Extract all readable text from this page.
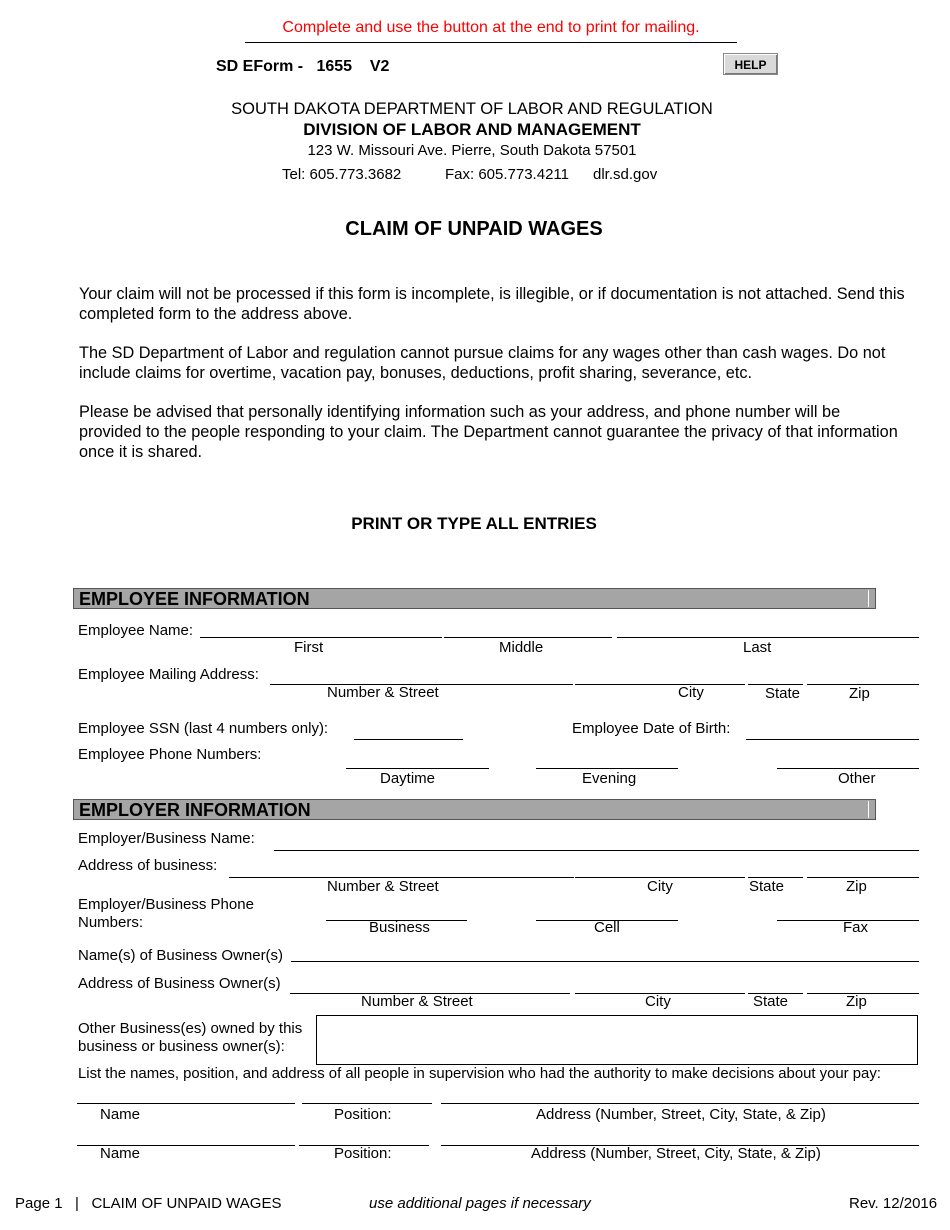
Complete and use the button at the end to print for mailing.
SD EForm - 1655 V2	HELP
SOUTH DAKOTA DEPARTMENT OF LABOR AND REGULATION
DIVISION OF LABOR AND MANAGEMENT
123 W. Missouri Ave. Pierre, South Dakota 57501
Tel: 605.773.3682	Fax: 605.773.4211 dlr.sd.gov
CLAIM OF UNPAID WAGES
Your claim will not be processed if this form is incomplete, is illegible, or if documentation is not attached. Send this completed form to the address above.
The SD Department of Labor and regulation cannot pursue claims for any wages other than cash wages. Do not include claims for overtime, vacation pay, bonuses, deductions, profit sharing, severance, etc.
Please be advised that personally identifying information such as your address, and phone number will be provided to the people responding to your claim. The Department cannot guarantee the privacy of that information once it is shared.
PRINT OR TYPE ALL ENTRIES
EMPLOYEE INFORMATION
Employee Name:
First	Middle	Last
Employee Mailing Address:
Number & Street	City	State	Zip
Employee SSN (last 4 numbers only):	Employee Date of Birth:
Employee Phone Numbers:
Daytime	Evening	Other
EMPLOYER INFORMATION
Employer/Business Name:
Address of business:
Number & Street	City	State	Zip
Employer/Business Phone
Numbers:	Business	Cell	Fax
Name(s) of Business Owner(s)
Address of Business Owner(s)
Number & Street	City	State	Zip
Other Business(es) owned by this
business or business owner(s):
List the names, position, and address of all people in supervision who had the authority to make decisions about your pay:
Name	Position:	Address (Number, Street, City, State, & Zip)
Name	Position:	Address (Number, Street, City, State, & Zip)
Page 1   |   CLAIM OF UNPAID WAGES	use additional pages if necessary	Rev. 12/2016
